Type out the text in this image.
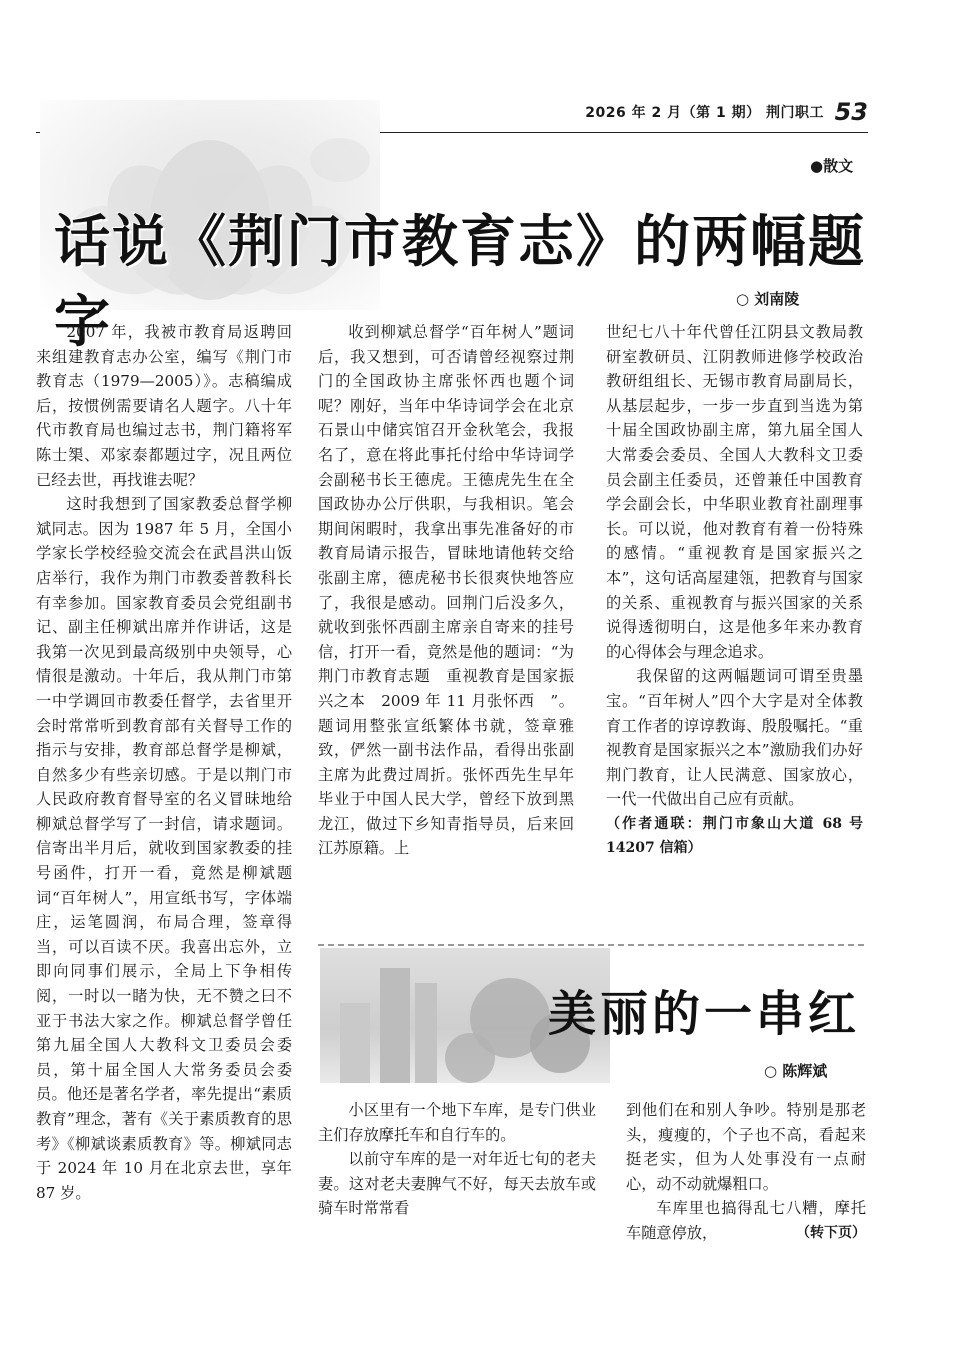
2026 年 2 月（第 1 期） 荆门职工 53
●散文
话说《荆门市教育志》的两幅题字	○ 刘南陵

2007 年，我被市教育局返聘回来组建教育志办公室，编写《荆门市教育志（1979—2005）》。志稿编成后，按惯例需要请名人题字。八十年代市教育局也编过志书，荆门籍将军陈士榘、邓家泰都题过字，况且两位已经去世，再找谁去呢？

这时我想到了国家教委总督学柳斌同志。因为 1987 年 5 月，全国小学家长学校经验交流会在武昌洪山饭店举行，我作为荆门市教委普教科长有幸参加。国家教育委员会党组副书记、副主任柳斌出席并作讲话，这是我第一次见到最高级别中央领导，心情很是激动。十年后，我从荆门市第一中学调回市教委任督学，去省里开会时常常听到教育部有关督导工作的指示与安排，教育部总督学是柳斌，自然多少有些亲切感。于是以荆门市人民政府教育督导室的名义冒昧地给柳斌总督学写了一封信，请求题词。信寄出半月后，就收到国家教委的挂号函件，打开一看，竟然是柳斌题词“百年树人”，用宣纸书写，字体端庄，运笔圆润，布局合理，签章得当，可以百读不厌。我喜出忘外，立即向同事们展示，全局上下争相传阅，一时以一睹为快，无不赞之曰不亚于书法大家之作。柳斌总督学曾任第九届全国人大教科文卫委员会委员，第十届全国人大常务委员会委员。他还是著名学者，率先提出“素质教育”理念，著有《关于素质教育的思考》《柳斌谈素质教育》等。柳斌同志于 2024 年 10 月在北京去世，享年 87 岁。

收到柳斌总督学“百年树人”题词后，我又想到，可否请曾经视察过荆门的全国政协主席张怀西也题个词呢？刚好，当年中华诗词学会在北京石景山中储宾馆召开金秋笔会，我报名了，意在将此事托付给中华诗词学会副秘书长王德虎。王德虎先生在全国政协办公厅供职，与我相识。笔会期间闲暇时，我拿出事先准备好的市教育局请示报告，冒昧地请他转交给张副主席，德虎秘书长很爽快地答应了，我很是感动。回荆门后没多久，就收到张怀西副主席亲自寄来的挂号信，打开一看，竟然是他的题词：“为荆门市教育志题　重视教育是国家振兴之本　2009 年 11 月张怀西　”。题词用整张宣纸繁体书就，签章雅致，俨然一副书法作品，看得出张副主席为此费过周折。张怀西先生早年毕业于中国人民大学，曾经下放到黑龙江，做过下乡知青指导员，后来回江苏原籍。上

世纪七八十年代曾任江阴县文教局教研室教研员、江阴教师进修学校政治教研组组长、无锡市教育局副局长，从基层起步，一步一步直到当选为第十届全国政协副主席，第九届全国人大常委会委员、全国人大教科文卫委员会副主任委员，还曾兼任中国教育学会副会长，中华职业教育社副理事长。可以说，他对教育有着一份特殊的感情。“重视教育是国家振兴之本”，这句话高屋建瓴，把教育与国家的关系、重视教育与振兴国家的关系说得透彻明白，这是他多年来办教育的心得体会与理念追求。

我保留的这两幅题词可谓至贵墨宝。“百年树人”四个大字是对全体教育工作者的谆谆教诲、殷殷嘱托。“重视教育是国家振兴之本”激励我们办好荆门教育，让人民满意、国家放心，一代一代做出自己应有贡献。

（作者通联：荆门市象山大道 68 号 14207 信箱）

美丽的一串红
○ 陈辉斌

小区里有一个地下车库，是专门供业主们存放摩托车和自行车的。

以前守车库的是一对年近七旬的老夫妻。这对老夫妻脾气不好，每天去放车或骑车时常常看

到他们在和别人争吵。特别是那老头，瘦瘦的，个子也不高，看起来挺老实，但为人处事没有一点耐心，动不动就爆粗口。

车库里也搞得乱七八糟，摩托车随意停放，	（转下页）
